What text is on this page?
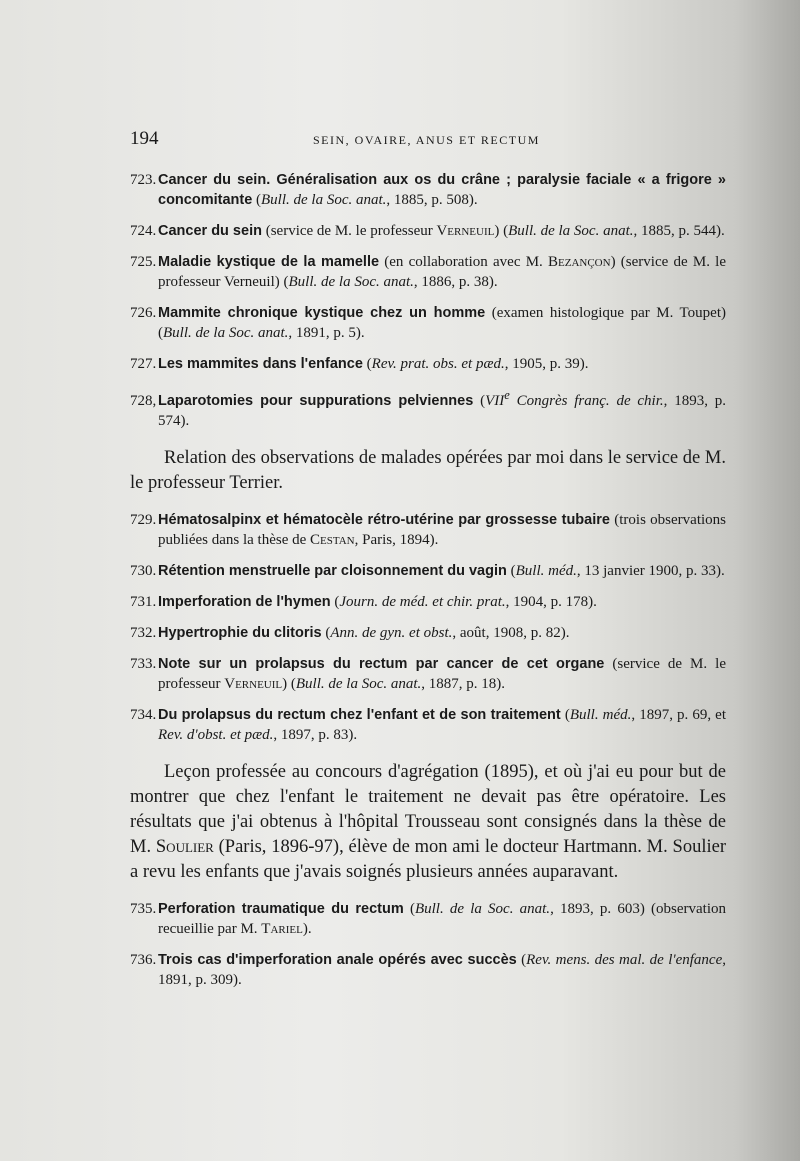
194	SEIN, OVAIRE, ANUS ET RECTUM
723. Cancer du sein. Généralisation aux os du crâne ; paralysie faciale « a frigore » concomitante (Bull. de la Soc. anat., 1885, p. 508).
724. Cancer du sein (service de M. le professeur Verneuil) (Bull. de la Soc. anat., 1885, p. 544).
725. Maladie kystique de la mamelle (en collaboration avec M. Bezançon) (service de M. le professeur Verneuil) (Bull. de la Soc. anat., 1886, p. 38).
726. Mammite chronique kystique chez un homme (examen histologique par M. Toupet) (Bull. de la Soc. anat., 1891, p. 5).
727. Les mammites dans l'enfance (Rev. prat. obs. et pæd., 1905, p. 39).
728, Laparotomies pour suppurations pelviennes (VIIe Congrès franç. de chir., 1893, p. 574).

Relation des observations de malades opérées par moi dans le service de M. le professeur Terrier.

729. Hématosalpinx et hématocèle rétro-utérine par grossesse tubaire (trois observations publiées dans la thèse de Cestan, Paris, 1894).
730. Rétention menstruelle par cloisonnement du vagin (Bull. méd., 13 janvier 1900, p. 33).
731. Imperforation de l'hymen (Journ. de méd. et chir. prat., 1904, p. 178).
732. Hypertrophie du clitoris (Ann. de gyn. et obst., août, 1908, p. 82).
733. Note sur un prolapsus du rectum par cancer de cet organe (service de M. le professeur Verneuil) (Bull. de la Soc. anat., 1887, p. 18).
734. Du prolapsus du rectum chez l'enfant et de son traitement (Bull. méd., 1897, p. 69, et Rev. d'obst. et pæd., 1897, p. 83).

Leçon professée au concours d'agrégation (1895), et où j'ai eu pour but de montrer que chez l'enfant le traitement ne devait pas être opératoire. Les résultats que j'ai obtenus à l'hôpital Trousseau sont consignés dans la thèse de M. Soulier (Paris, 1896-97), élève de mon ami le docteur Hartmann. M. Soulier a revu les enfants que j'avais soignés plusieurs années auparavant.

735. Perforation traumatique du rectum (Bull. de la Soc. anat., 1893, p. 603) (observation recueillie par M. Tariel).
736. Trois cas d'imperforation anale opérés avec succès (Rev. mens. des mal. de l'enfance, 1891, p. 309).
